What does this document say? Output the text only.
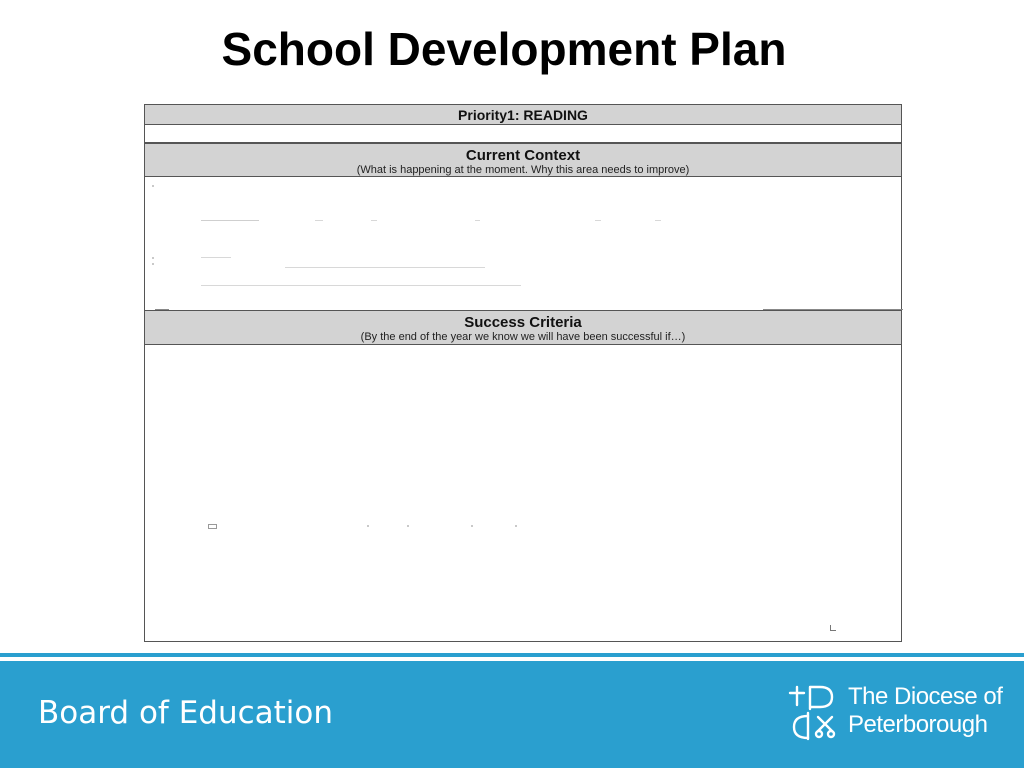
School Development Plan
Priority1: READING
Current Context
(What is happening at the moment. Why this area needs to improve)
Success Criteria
(By the end of the year we know we will have been successful if…)
Board of Education	The Diocese of
Peterborough
